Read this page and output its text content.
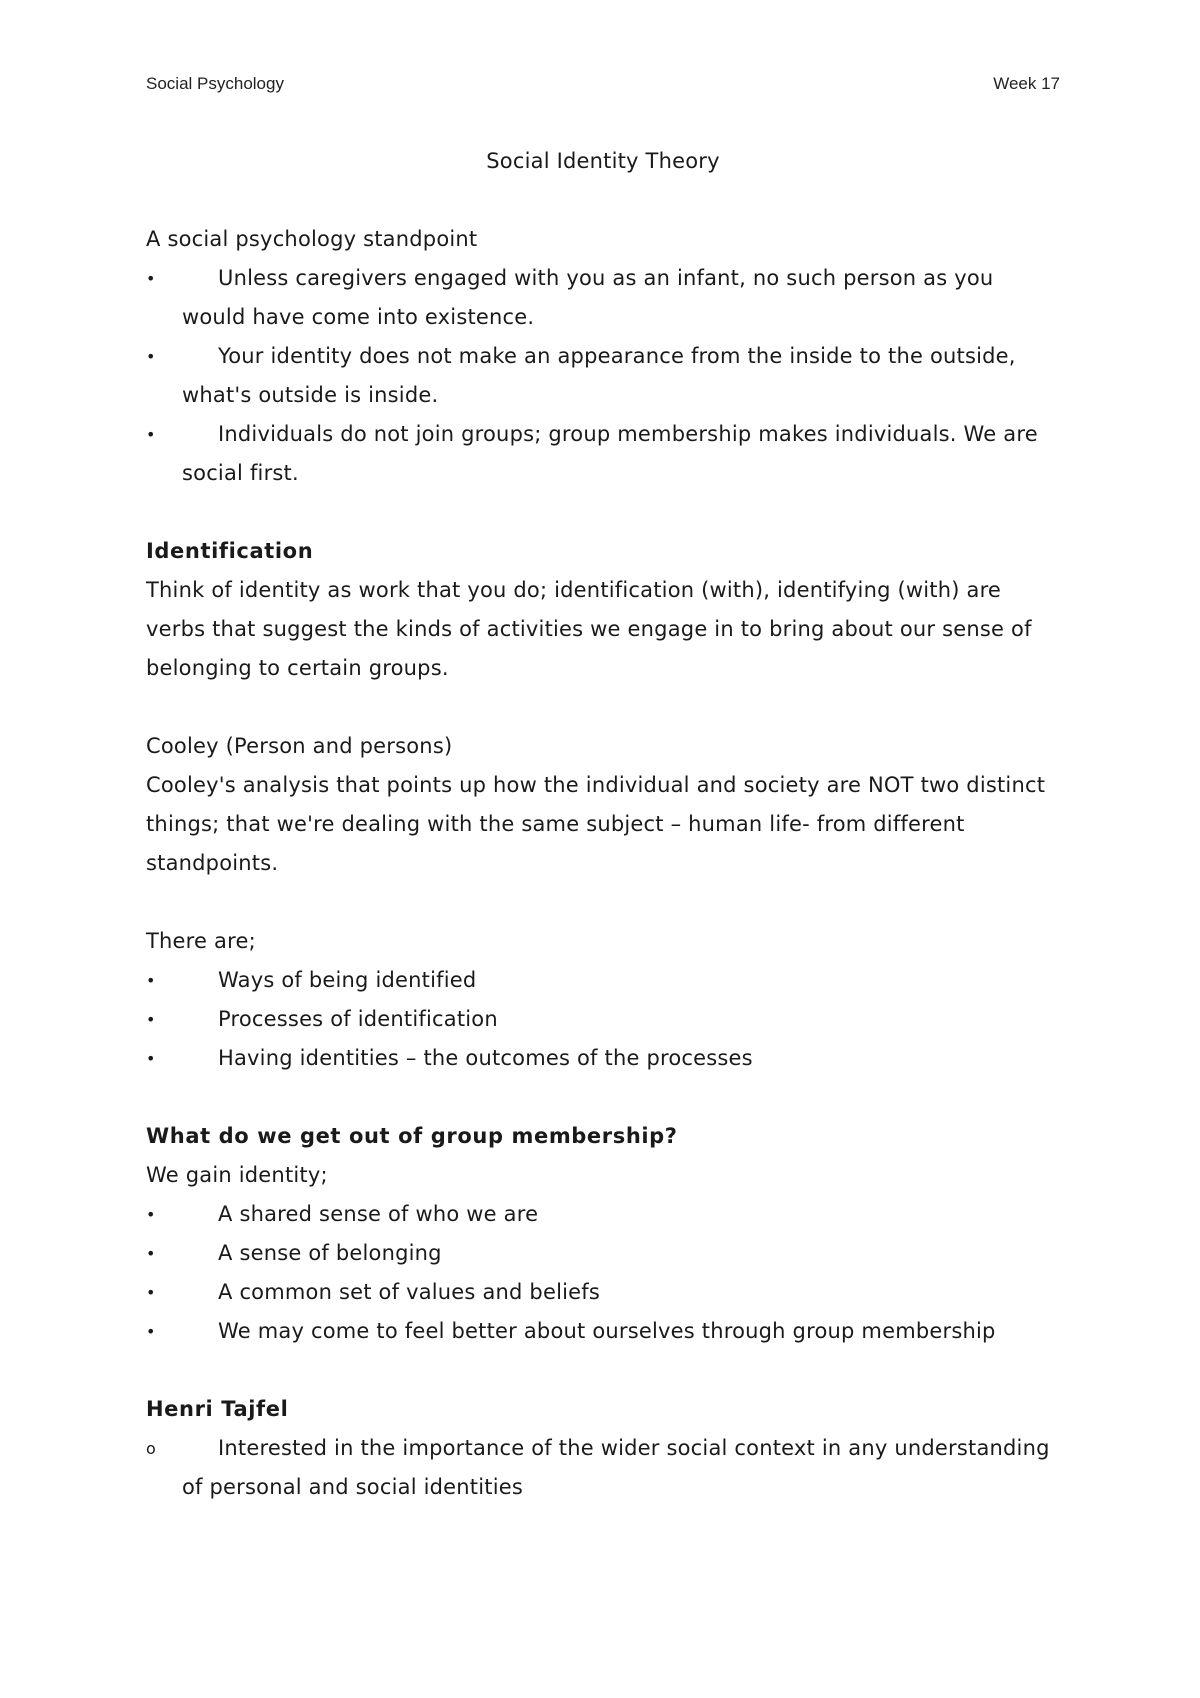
Social Psychology	Week 17
Social Identity Theory

A social psychology standpoint

•	Unless caregivers engaged with you as an infant, no such person as you would have come into existence.
•	Your identity does not make an appearance from the inside to the outside, what's outside is inside.
•	Individuals do not join groups; group membership makes individuals. We are social first.
Identification

Think of identity as work that you do; identification (with), identifying (with) are verbs that suggest the kinds of activities we engage in to bring about our sense of belonging to certain groups.

Cooley (Person and persons)

Cooley's analysis that points up how the individual and society are NOT two distinct things; that we're dealing with the same subject – human life- from different standpoints.

There are;

•	Ways of being identified
•	Processes of identification
•	Having identities – the outcomes of the processes
What do we get out of group membership?

We gain identity;

•	A shared sense of who we are
•	A sense of belonging
•	A common set of values and beliefs
•	We may come to feel better about ourselves through group membership
Henri Tajfel
o	Interested in the importance of the wider social context in any understanding of personal and social identities
